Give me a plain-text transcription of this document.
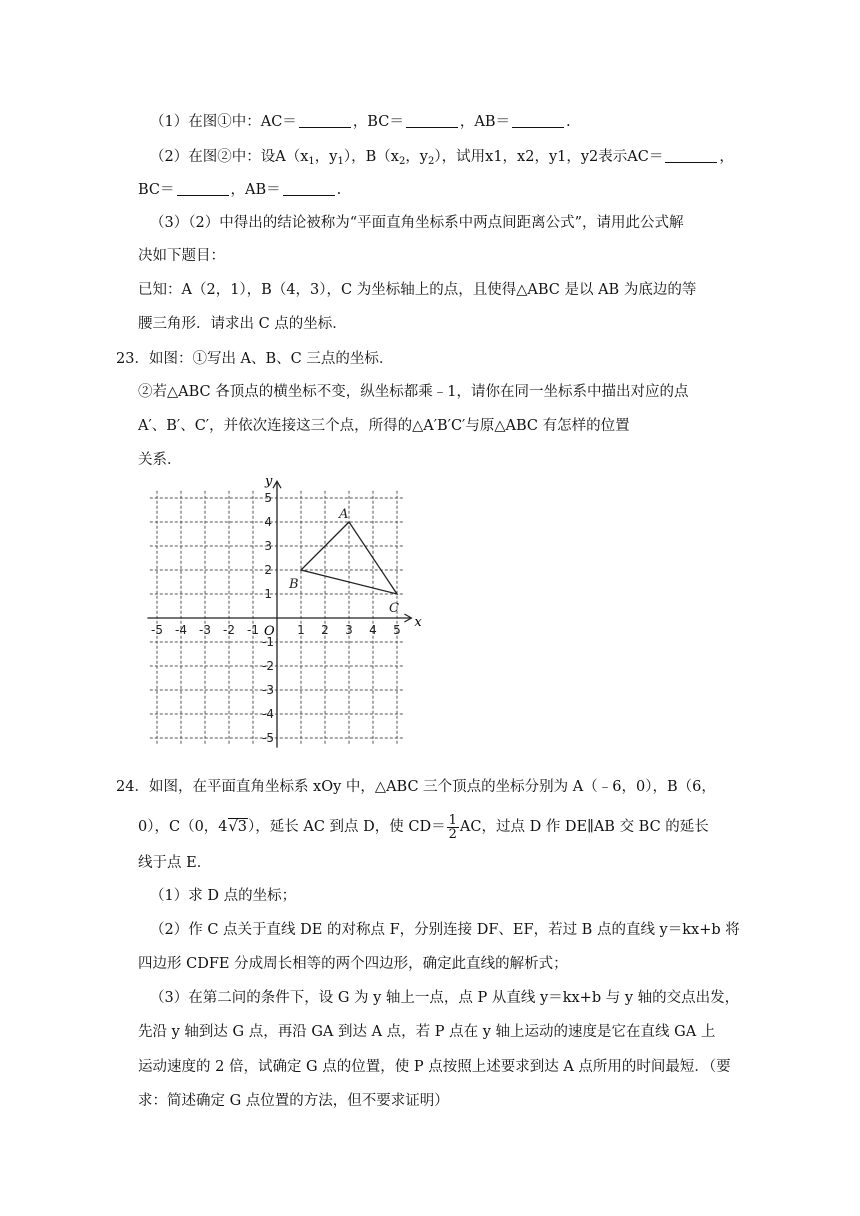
（1）在图①中：AC＝	，BC＝	，AB＝	.
（2）在图②中：设$A(x_1$，$y_1$），$B(x_2$，$y_2$），试用x1，x2，y1，y2表示AC＝	，
BC＝	，AB＝	.
（3）（2）中得出的结论被称为“平面直角坐标系中两点间距离公式”，请用此公式解
决如下题目：
已知：A（2，1），B（4，3），C 为坐标轴上的点，且使得△ABC 是以 AB 为底边的等
腰三角形．请求出 C 点的坐标．
23．如图：①写出 A、B、C 三点的坐标．
②若△ABC 各顶点的横坐标不变，纵坐标都乘﹣1，请你在同一坐标系中描出对应的点
A′、B′、C′，并依次连接这三个点，所得的△A′B′C′与原△ABC 有怎样的位置
关系．
-5 -4 -3 -2 -1	1 2 3 4 5
5
4
3
2
1
-1
-2
-3
-4
-5
A
B
C
x
y
O
24．如图，在平面直角坐标系 xOy 中，△ABC 三个顶点的坐标分别为 A（﹣6，0），B（6，
0），C（0，4√3），延长 AC 到点 D，使 $CD= \frac{1}{2}$ AC，过点 D 作 DE∥AB 交 BC 的延长
线于点 E．
（1）求 D 点的坐标；
（2）作 C 点关于直线 DE 的对称点 F，分别连接 DF、EF，若过 B 点的直线 y＝kx+b 将
四边形 CDFE 分成周长相等的两个四边形，确定此直线的解析式；
（3）在第二问的条件下，设 G 为 y 轴上一点，点 P 从直线 y＝kx+b 与 y 轴的交点出发，
先沿 y 轴到达 G 点，再沿 GA 到达 A 点，若 P 点在 y 轴上运动的速度是它在直线 GA 上
运动速度的 2 倍，试确定 G 点的位置，使 P 点按照上述要求到达 A 点所用的时间最短．（要
求：简述确定 G 点位置的方法，但不要求证明）
